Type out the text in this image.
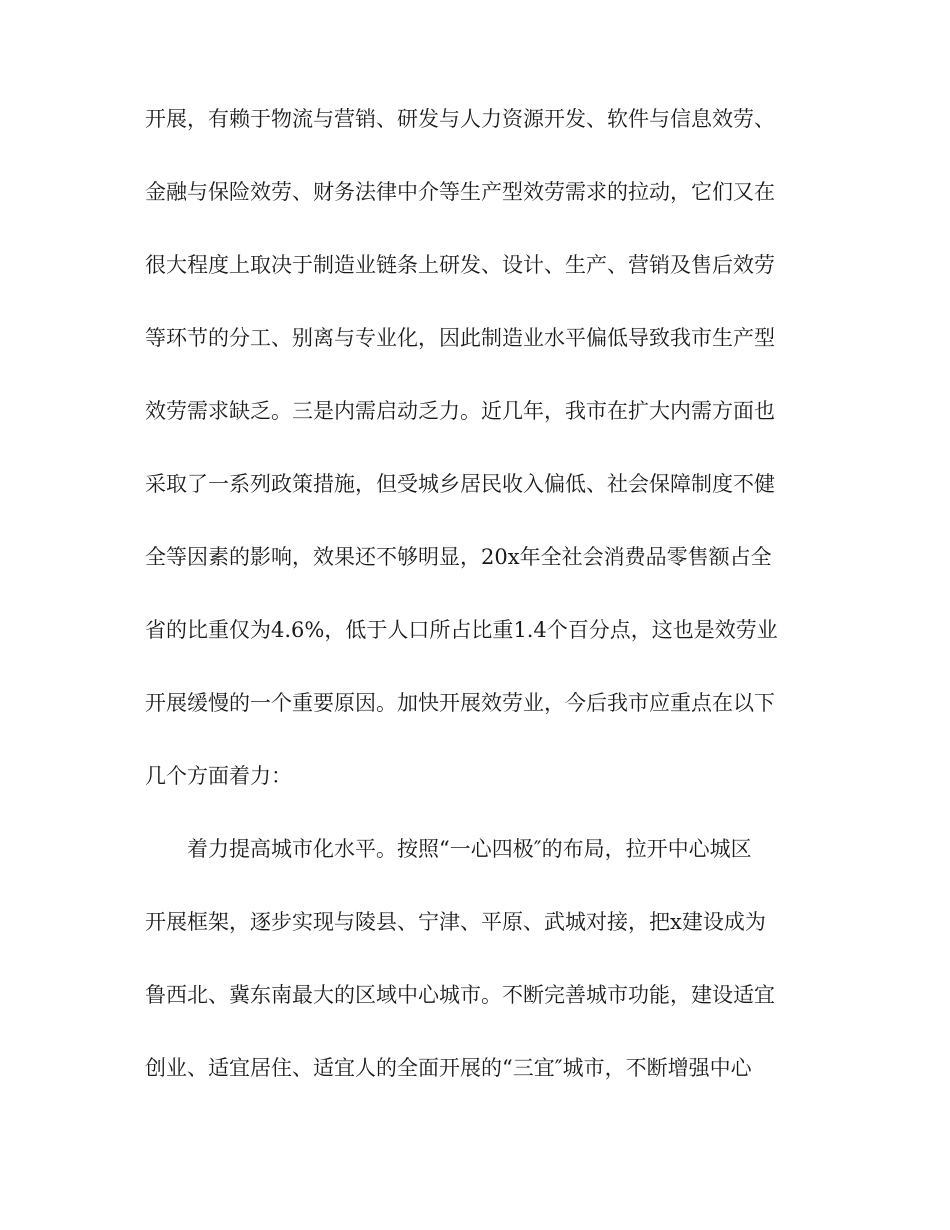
开展，有赖于物流与营销、研发与人力资源开发、软件与信息效劳、
金融与保险效劳、财务法律中介等生产型效劳需求的拉动，它们又在
很大程度上取决于制造业链条上研发、设计、生产、营销及售后效劳
等环节的分工、别离与专业化，因此制造业水平偏低导致我市生产型
效劳需求缺乏。三是内需启动乏力。近几年，我市在扩大内需方面也
采取了一系列政策措施，但受城乡居民收入偏低、社会保障制度不健
全等因素的影响，效果还不够明显，20x年全社会消费品零售额占全
省的比重仅为4.6%，低于人口所占比重1.4个百分点，这也是效劳业
开展缓慢的一个重要原因。加快开展效劳业，今后我市应重点在以下
几个方面着力：
着力提高城市化水平。按照“一心四极″的布局，拉开中心城区
开展框架，逐步实现与陵县、宁津、平原、武城对接，把x建设成为
鲁西北、冀东南最大的区域中心城市。不断完善城市功能，建设适宜
创业、适宜居住、适宜人的全面开展的“三宜″城市，不断增强中心
